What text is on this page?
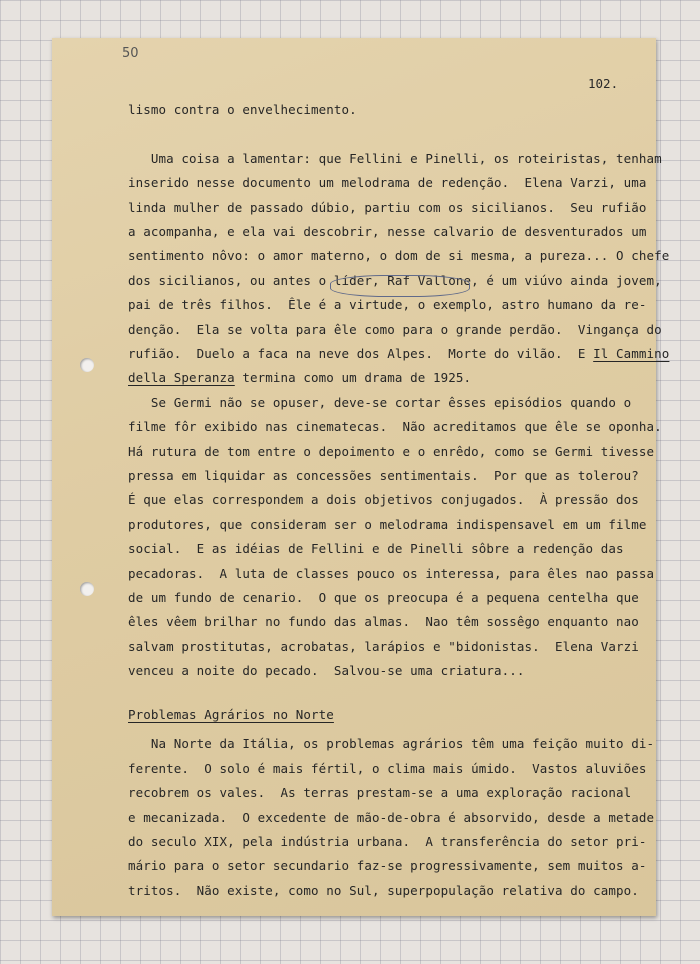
50
102.
lismo contra o envelhecimento.
Uma coisa a lamentar: que Fellini e Pinelli, os roteiristas, tenham
inserido nesse documento um melodrama de redenção.  Elena Varzi, uma
linda mulher de passado dúbio, partiu com os sicilianos.  Seu rufião
a acompanha, e ela vai descobrir, nesse calvario de desventurados um
sentimento nôvo: o amor materno, o dom de si mesma, a pureza... O chefe
dos sicilianos, ou antes o líder, Raf Vallone, é um viúvo ainda jovem,
pai de três filhos.  Êle é a virtude, o exemplo, astro humano da re-
denção.  Ela se volta para êle como para o grande perdão.  Vingança do
rufião.  Duelo a faca na neve dos Alpes.  Morte do vilão.  E Il Cammino
Se Germi não se opuser, deve-se cortar êsses episódios quando o
filme fôr exibido nas cinematecas.  Não acreditamos que êle se oponha.
Há rutura de tom entre o depoimento e o enrêdo, como se Germi tivesse
pressa em liquidar as concessões sentimentais.  Por que as tolerou?
É que elas correspondem a dois objetivos conjugados.  À pressão dos
produtores, que consideram ser o melodrama indispensavel em um filme
social.  E as idéias de Fellini e de Pinelli sôbre a redenção das
pecadoras.  A luta de classes pouco os interessa, para êles nao passa
de um fundo de cenario.  O que os preocupa é a pequena centelha que
êles vêem brilhar no fundo das almas.  Nao têm sossêgo enquanto nao
salvam prostitutas, acrobatas, larápios e "bidonistas.  Elena Varzi
venceu a noite do pecado.  Salvou-se uma criatura...
Na Norte da Itália, os problemas agrários têm uma feição muito di-
ferente.  O solo é mais fértil, o clima mais úmido.  Vastos aluviões
recobrem os vales.  As terras prestam-se a uma exploração racional
e mecanizada.  O excedente de mão-de-obra é absorvido, desde a metade
do seculo XIX, pela indústria urbana.  A transferência do setor pri-
mário para o setor secundario faz-se progressivamente, sem muitos a-
tritos.  Não existe, como no Sul, superpopulação relativa do campo.
della Speranza termina como um drama de 1925.
Problemas Agrários no Norte
